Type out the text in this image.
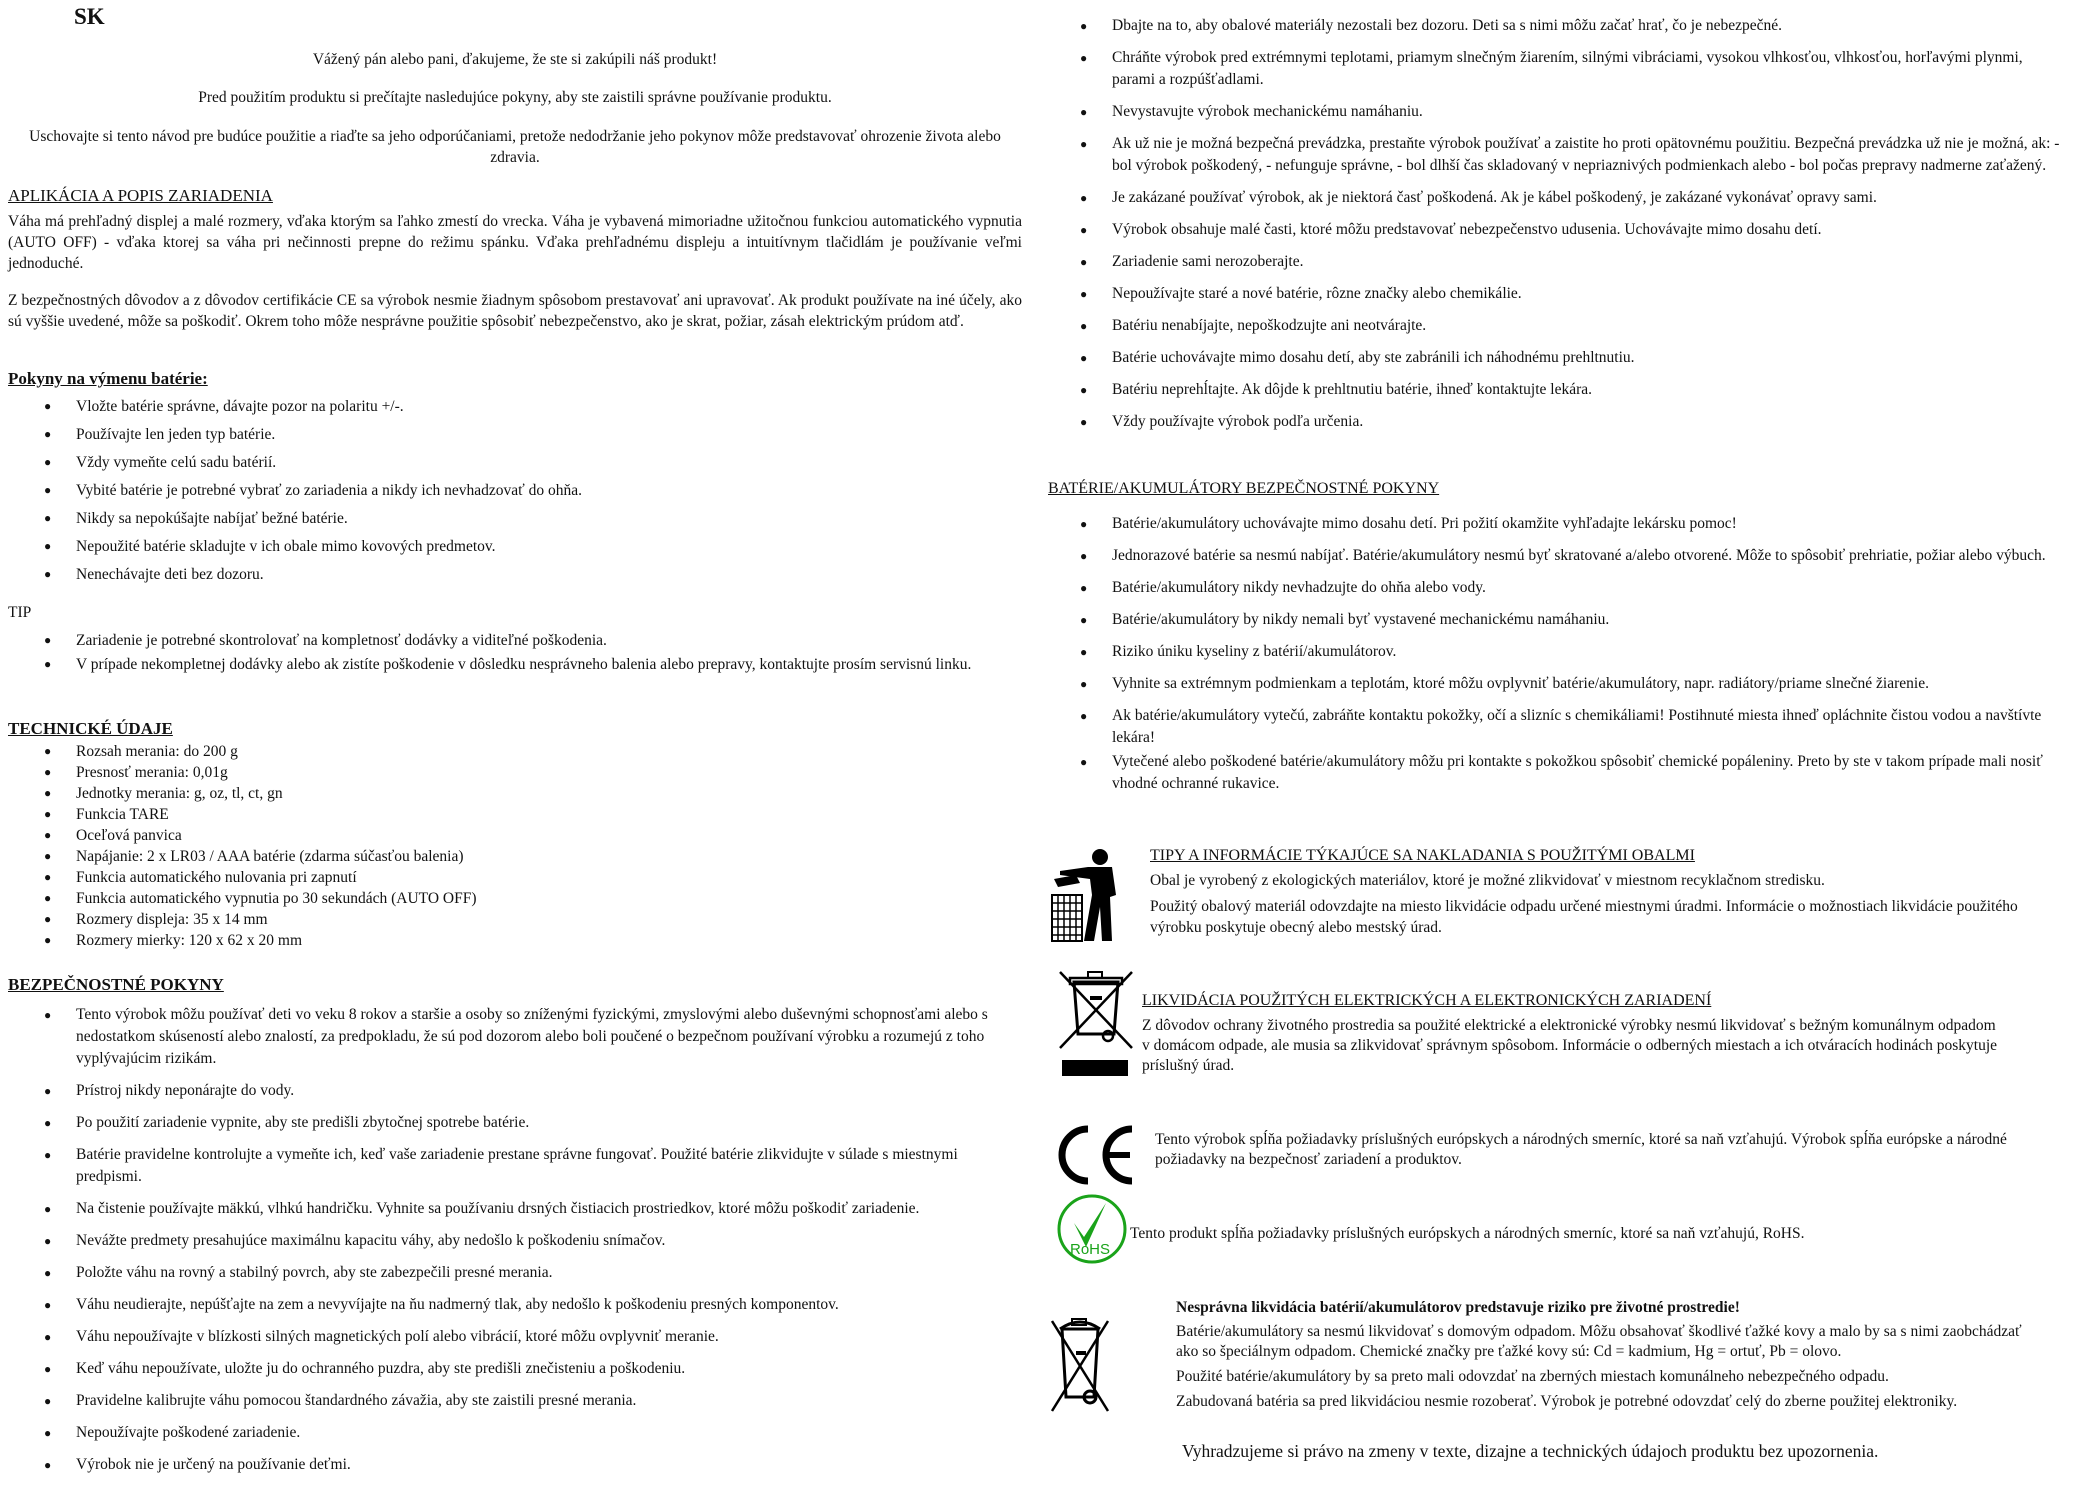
SK

Vážený pán alebo pani, ďakujeme, že ste si zakúpili náš produkt!

Pred použitím produktu si prečítajte nasledujúce pokyny, aby ste zaistili správne používanie produktu.

Uschovajte si tento návod pre budúce použitie a riaďte sa jeho odporúčaniami, pretože nedodržanie jeho pokynov môže predstavovať ohrozenie života alebo zdravia.

APLIKÁCIA A POPIS ZARIADENIA

Váha má prehľadný displej a malé rozmery, vďaka ktorým sa ľahko zmestí do vrecka. Váha je vybavená mimoriadne užitočnou funkciou automatického vypnutia (AUTO OFF) - vďaka ktorej sa váha pri nečinnosti prepne do režimu spánku. Vďaka prehľadnému displeju a intuitívnym tlačidlám je používanie veľmi jednoduché.

Z bezpečnostných dôvodov a z dôvodov certifikácie CE sa výrobok nesmie žiadnym spôsobom prestavovať ani upravovať. Ak produkt používate na iné účely, ako sú vyššie uvedené, môže sa poškodiť. Okrem toho môže nesprávne použitie spôsobiť nebezpečenstvo, ako je skrat, požiar, zásah elektrickým prúdom atď.

Pokyny na výmenu batérie:
● Vložte batérie správne, dávajte pozor na polaritu +/-.
● Používajte len jeden typ batérie.
● Vždy vymeňte celú sadu batérií.
● Vybité batérie je potrebné vybrať zo zariadenia a nikdy ich nevhadzovať do ohňa.
● Nikdy sa nepokúšajte nabíjať bežné batérie.
● Nepoužité batérie skladujte v ich obale mimo kovových predmetov.
● Nenechávajte deti bez dozoru.
TIP
● Zariadenie je potrebné skontrolovať na kompletnosť dodávky a viditeľné poškodenia.
● V prípade nekompletnej dodávky alebo ak zistíte poškodenie v dôsledku nesprávneho balenia alebo prepravy, kontaktujte prosím servisnú linku.
TECHNICKÉ ÚDAJE
● Rozsah merania: do 200 g
● Presnosť merania: 0,01g
● Jednotky merania: g, oz, tl, ct, gn
● Funkcia TARE
● Oceľová panvica
● Napájanie: 2 x LR03 / AAA batérie (zdarma súčasťou balenia)
● Funkcia automatického nulovania pri zapnutí
● Funkcia automatického vypnutia po 30 sekundách (AUTO OFF)
● Rozmery displeja: 35 x 14 mm
● Rozmery mierky: 120 x 62 x 20 mm
BEZPEČNOSTNÉ POKYNY
● Tento výrobok môžu používať deti vo veku 8 rokov a staršie a osoby so zníženými fyzickými, zmyslovými alebo duševnými schopnosťami alebo s nedostatkom skúseností alebo znalostí, za predpokladu, že sú pod dozorom alebo boli poučené o bezpečnom používaní výrobku a rozumejú z toho vyplývajúcim rizikám.
● Prístroj nikdy neponárajte do vody.
● Po použití zariadenie vypnite, aby ste predišli zbytočnej spotrebe batérie.
● Batérie pravidelne kontrolujte a vymeňte ich, keď vaše zariadenie prestane správne fungovať. Použité batérie zlikvidujte v súlade s miestnymi predpismi.
● Na čistenie používajte mäkkú, vlhkú handričku. Vyhnite sa používaniu drsných čistiacich prostriedkov, ktoré môžu poškodiť zariadenie.
● Nevážte predmety presahujúce maximálnu kapacitu váhy, aby nedošlo k poškodeniu snímačov.
● Položte váhu na rovný a stabilný povrch, aby ste zabezpečili presné merania.
● Váhu neudierajte, nepúšťajte na zem a nevyvíjajte na ňu nadmerný tlak, aby nedošlo k poškodeniu presných komponentov.
● Váhu nepoužívajte v blízkosti silných magnetických polí alebo vibrácií, ktoré môžu ovplyvniť meranie.
● Keď váhu nepoužívate, uložte ju do ochranného puzdra, aby ste predišli znečisteniu a poškodeniu.
● Pravidelne kalibrujte váhu pomocou štandardného závažia, aby ste zaistili presné merania.
● Nepoužívajte poškodené zariadenie.
● Výrobok nie je určený na používanie deťmi.
● Dbajte na to, aby obalové materiály nezostali bez dozoru. Deti sa s nimi môžu začať hrať, čo je nebezpečné.
● Chráňte výrobok pred extrémnymi teplotami, priamym slnečným žiarením, silnými vibráciami, vysokou vlhkosťou, vlhkosťou, horľavými plynmi, parami a rozpúšťadlami.
● Nevystavujte výrobok mechanickému namáhaniu.
● Ak už nie je možná bezpečná prevádzka, prestaňte výrobok používať a zaistite ho proti opätovnému použitiu. Bezpečná prevádzka už nie je možná, ak: - bol výrobok poškodený, - nefunguje správne, - bol dlhší čas skladovaný v nepriaznivých podmienkach alebo - bol počas prepravy nadmerne zaťažený.
● Je zakázané používať výrobok, ak je niektorá časť poškodená. Ak je kábel poškodený, je zakázané vykonávať opravy sami.
● Výrobok obsahuje malé časti, ktoré môžu predstavovať nebezpečenstvo udusenia. Uchovávajte mimo dosahu detí.
● Zariadenie sami nerozoberajte.
● Nepoužívajte staré a nové batérie, rôzne značky alebo chemikálie.
● Batériu nenabíjajte, nepoškodzujte ani neotvárajte.
● Batérie uchovávajte mimo dosahu detí, aby ste zabránili ich náhodnému prehltnutiu.
● Batériu neprehĺtajte. Ak dôjde k prehltnutiu batérie, ihneď kontaktujte lekára.
● Vždy používajte výrobok podľa určenia.
BATÉRIE/AKUMULÁTORY BEZPEČNOSTNÉ POKYNY
● Batérie/akumulátory uchovávajte mimo dosahu detí. Pri požití okamžite vyhľadajte lekársku pomoc!
● Jednorazové batérie sa nesmú nabíjať. Batérie/akumulátory nesmú byť skratované a/alebo otvorené. Môže to spôsobiť prehriatie, požiar alebo výbuch.
● Batérie/akumulátory nikdy nevhadzujte do ohňa alebo vody.
● Batérie/akumulátory by nikdy nemali byť vystavené mechanickému namáhaniu.
● Riziko úniku kyseliny z batérií/akumulátorov.
● Vyhnite sa extrémnym podmienkam a teplotám, ktoré môžu ovplyvniť batérie/akumulátory, napr. radiátory/priame slnečné žiarenie.
● Ak batérie/akumulátory vytečú, zabráňte kontaktu pokožky, očí a slizníc s chemikáliami! Postihnuté miesta ihneď opláchnite čistou vodou a navštívte lekára!
● Vytečené alebo poškodené batérie/akumulátory môžu pri kontakte s pokožkou spôsobiť chemické popáleniny. Preto by ste v takom prípade mali nosiť vhodné ochranné rukavice.
TIPY A INFORMÁCIE TÝKAJÚCE SA NAKLADANIA S POUŽITÝMI OBALMI

Obal je vyrobený z ekologických materiálov, ktoré je možné zlikvidovať v miestnom recyklačnom stredisku.

Použitý obalový materiál odovzdajte na miesto likvidácie odpadu určené miestnymi úradmi. Informácie o možnostiach likvidácie použitého výrobku poskytuje obecný alebo mestský úrad.

LIKVIDÁCIA POUŽITÝCH ELEKTRICKÝCH A ELEKTRONICKÝCH ZARIADENÍ

Z dôvodov ochrany životného prostredia sa použité elektrické a elektronické výrobky nesmú likvidovať s bežným komunálnym odpadom v domácom odpade, ale musia sa zlikvidovať správnym spôsobom. Informácie o odberných miestach a ich otváracích hodinách poskytuje príslušný úrad.

Tento výrobok spĺňa požiadavky príslušných európskych a národných smerníc, ktoré sa naň vzťahujú. Výrobok spĺňa európske a národné požiadavky na bezpečnosť zariadení a produktov.

RoHS

Tento produkt spĺňa požiadavky príslušných európskych a národných smerníc, ktoré sa naň vzťahujú, RoHS.

Nesprávna likvidácia batérií/akumulátorov predstavuje riziko pre životné prostredie!

Batérie/akumulátory sa nesmú likvidovať s domovým odpadom. Môžu obsahovať škodlivé ťažké kovy a malo by sa s nimi zaobchádzať ako so špeciálnym odpadom. Chemické značky pre ťažké kovy sú: Cd = kadmium, Hg = ortuť, Pb = olovo.

Použité batérie/akumulátory by sa preto mali odovzdať na zberných miestach komunálneho nebezpečného odpadu.

Zabudovaná batéria sa pred likvidáciou nesmie rozoberať. Výrobok je potrebné odovzdať celý do zberne použitej elektroniky.

Vyhradzujeme si právo na zmeny v texte, dizajne a technických údajoch produktu bez upozornenia.
